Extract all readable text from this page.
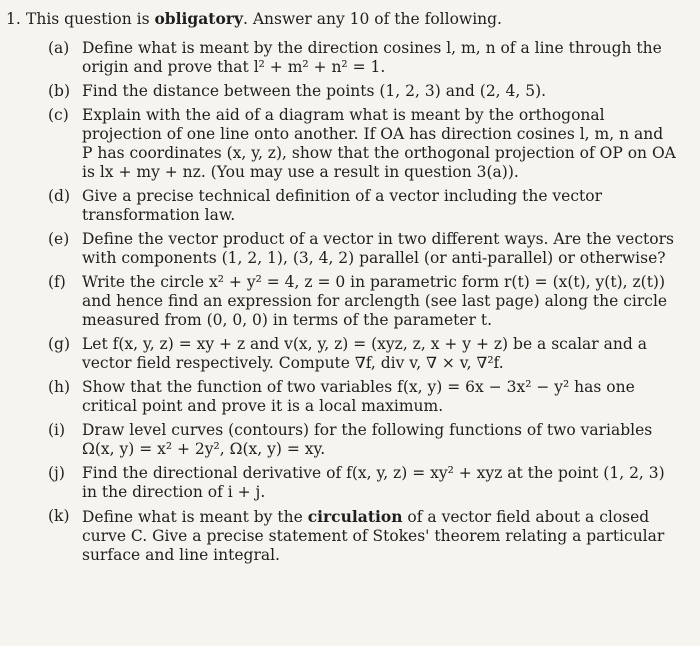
1. This question is obligatory. Answer any 10 of the following.
(a) Define what is meant by the direction cosines l, m, n of a line through the origin and prove that l² + m² + n² = 1.
(b) Find the distance between the points (1, 2, 3) and (2, 4, 5).
(c) Explain with the aid of a diagram what is meant by the orthogonal projection of one line onto another. If OA has direction cosines l, m, n and P has coordinates (x, y, z), show that the orthogonal projection of OP on OA is lx + my + nz. (You may use a result in question 3(a)).
(d) Give a precise technical definition of a vector including the vector transformation law.
(e) Define the vector product of a vector in two different ways. Are the vectors with components (1, 2, 1), (3, 4, 2) parallel (or anti-parallel) or otherwise?
(f) Write the circle x² + y² = 4, z = 0 in parametric form r(t) = (x(t), y(t), z(t)) and hence find an expression for arclength (see last page) along the circle measured from (0, 0, 0) in terms of the parameter t.
(g) Let f(x, y, z) = xy + z and v(x, y, z) = (xyz, z, x + y + z) be a scalar and a vector field respectively. Compute ∇f, div v, ∇ × v, ∇²f.
(h) Show that the function of two variables f(x, y) = 6x − 3x² − y² has one critical point and prove it is a local maximum.
(i) Draw level curves (contours) for the following functions of two variables Ω(x, y) = x² + 2y², Ω(x, y) = xy.
(j) Find the directional derivative of f(x, y, z) = xy² + xyz at the point (1, 2, 3) in the direction of i + j.
(k) Define what is meant by the circulation of a vector field about a closed curve C. Give a precise statement of Stokes' theorem relating a particular surface and line integral.
